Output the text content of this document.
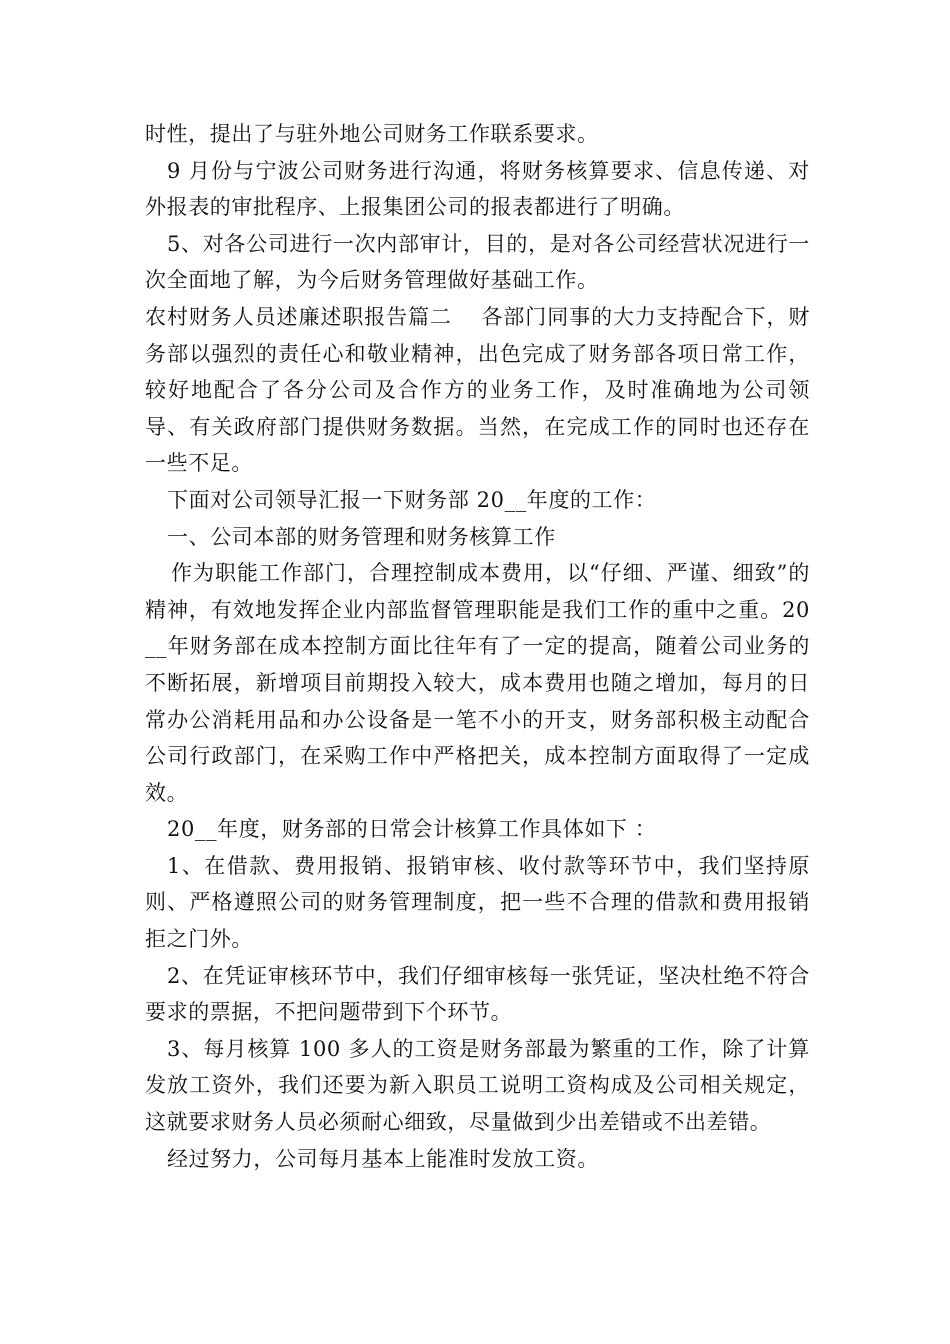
时性，提出了与驻外地公司财务工作联系要求。

9 月份与宁波公司财务进行沟通，将财务核算要求、信息传递、对外报表的审批程序、上报集团公司的报表都进行了明确。

5、对各公司进行一次内部审计，目的，是对各公司经营状况进行一次全面地了解，为今后财务管理做好基础工作。

农村财务人员述廉述职报告篇二　 各部门同事的大力支持配合下，财务部以强烈的责任心和敬业精神，出色完成了财务部各项日常工作，较好地配合了各分公司及合作方的业务工作，及时准确地为公司领导、有关政府部门提供财务数据。当然，在完成工作的同时也还存在一些不足。

下面对公司领导汇报一下财务部 20__年度的工作：

一、公司本部的财务管理和财务核算工作

作为职能工作部门，合理控制成本费用，以“仔细、严谨、细致”的精神，有效地发挥企业内部监督管理职能是我们工作的重中之重。20__年财务部在成本控制方面比往年有了一定的提高，随着公司业务的不断拓展，新增项目前期投入较大，成本费用也随之增加，每月的日常办公消耗用品和办公设备是一笔不小的开支，财务部积极主动配合公司行政部门，在采购工作中严格把关，成本控制方面取得了一定成效。

20__年度，财务部的日常会计核算工作具体如下 ：

1、在借款、费用报销、报销审核、收付款等环节中，我们坚持原则、严格遵照公司的财务管理制度，把一些不合理的借款和费用报销拒之门外。

2、在凭证审核环节中，我们仔细审核每一张凭证，坚决杜绝不符合要求的票据，不把问题带到下个环节。

3、每月核算 100 多人的工资是财务部最为繁重的工作，除了计算发放工资外，我们还要为新入职员工说明工资构成及公司相关规定，这就要求财务人员必须耐心细致，尽量做到少出差错或不出差错。

经过努力，公司每月基本上能准时发放工资。
